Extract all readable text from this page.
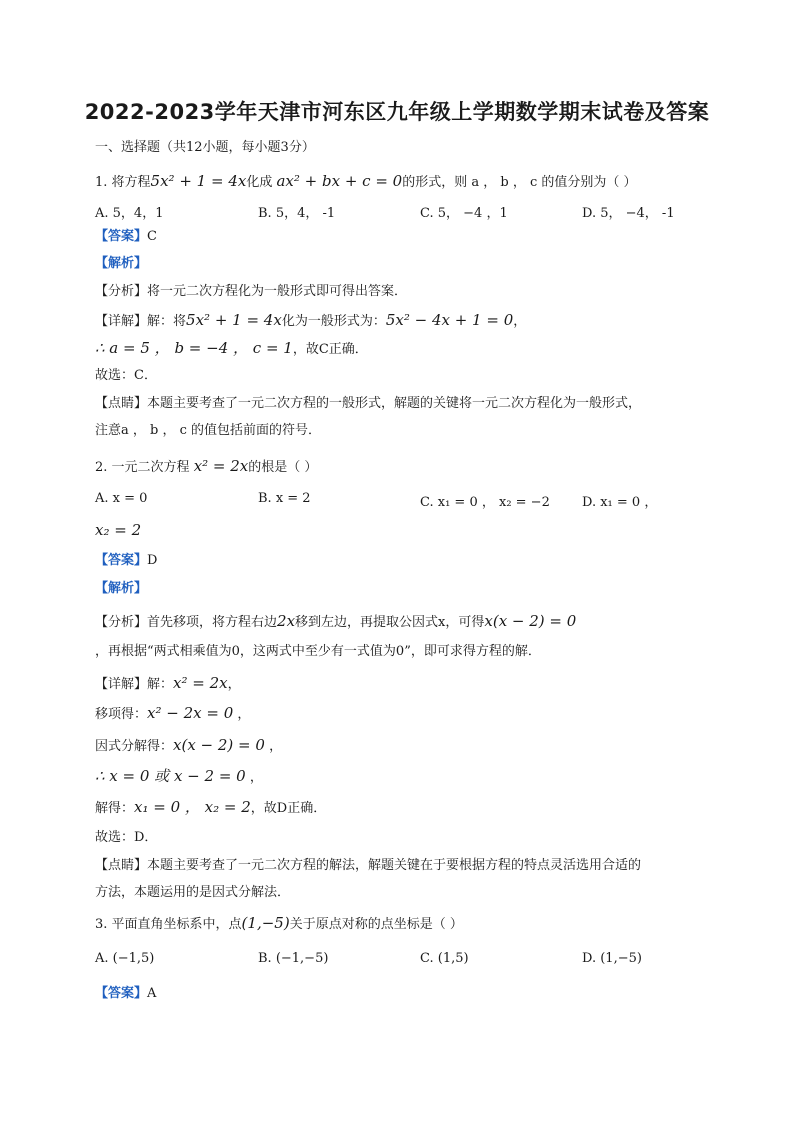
2022-2023学年天津市河东区九年级上学期数学期末试卷及答案
一、选择题（共12小题，每小题3分）
1. 将方程5x² + 1 = 4x化成 ax² + bx + c = 0的形式，则 a ， b ， c 的值分别为（ ）
A. 5，4，1	B. 5，4， -1	C. 5， −4 ，1	D. 5， −4， -1
【答案】C
【解析】
【分析】将一元二次方程化为一般形式即可得出答案．
【详解】解：将5x² + 1 = 4x化为一般形式为：5x² − 4x + 1 = 0，
∴ a = 5 ， b = −4 ， c = 1，故C正确．
故选：C．
【点睛】本题主要考查了一元二次方程的一般形式，解题的关键将一元二次方程化为一般形式，
注意a ， b ， c 的值包括前面的符号．
2. 一元二次方程 x² = 2x的根是（ ）
A. x = 0	B. x = 2	C. x₁ = 0 ， x₂ = −2 D. x₁ = 0 ，
x₂ = 2
【答案】D
【解析】
【分析】首先移项，将方程右边2x移到左边，再提取公因式x，可得x(x − 2) = 0
，再根据“两式相乘值为0，这两式中至少有一式值为0”，即可求得方程的解．
【详解】解：x² = 2x，
移项得：x² − 2x = 0 ，
因式分解得：x(x − 2) = 0 ，
∴ x = 0 或 x − 2 = 0 ，
解得：x₁ = 0 ， x₂ = 2，故D正确．
故选：D．
【点睛】本题主要考查了一元二次方程的解法，解题关键在于要根据方程的特点灵活选用合适的
方法，本题运用的是因式分解法．
3. 平面直角坐标系中，点(1,−5)关于原点对称的点坐标是（ ）
A. (−1,5)	B. (−1,−5)	C. (1,5)	D. (1,−5)
【答案】A
